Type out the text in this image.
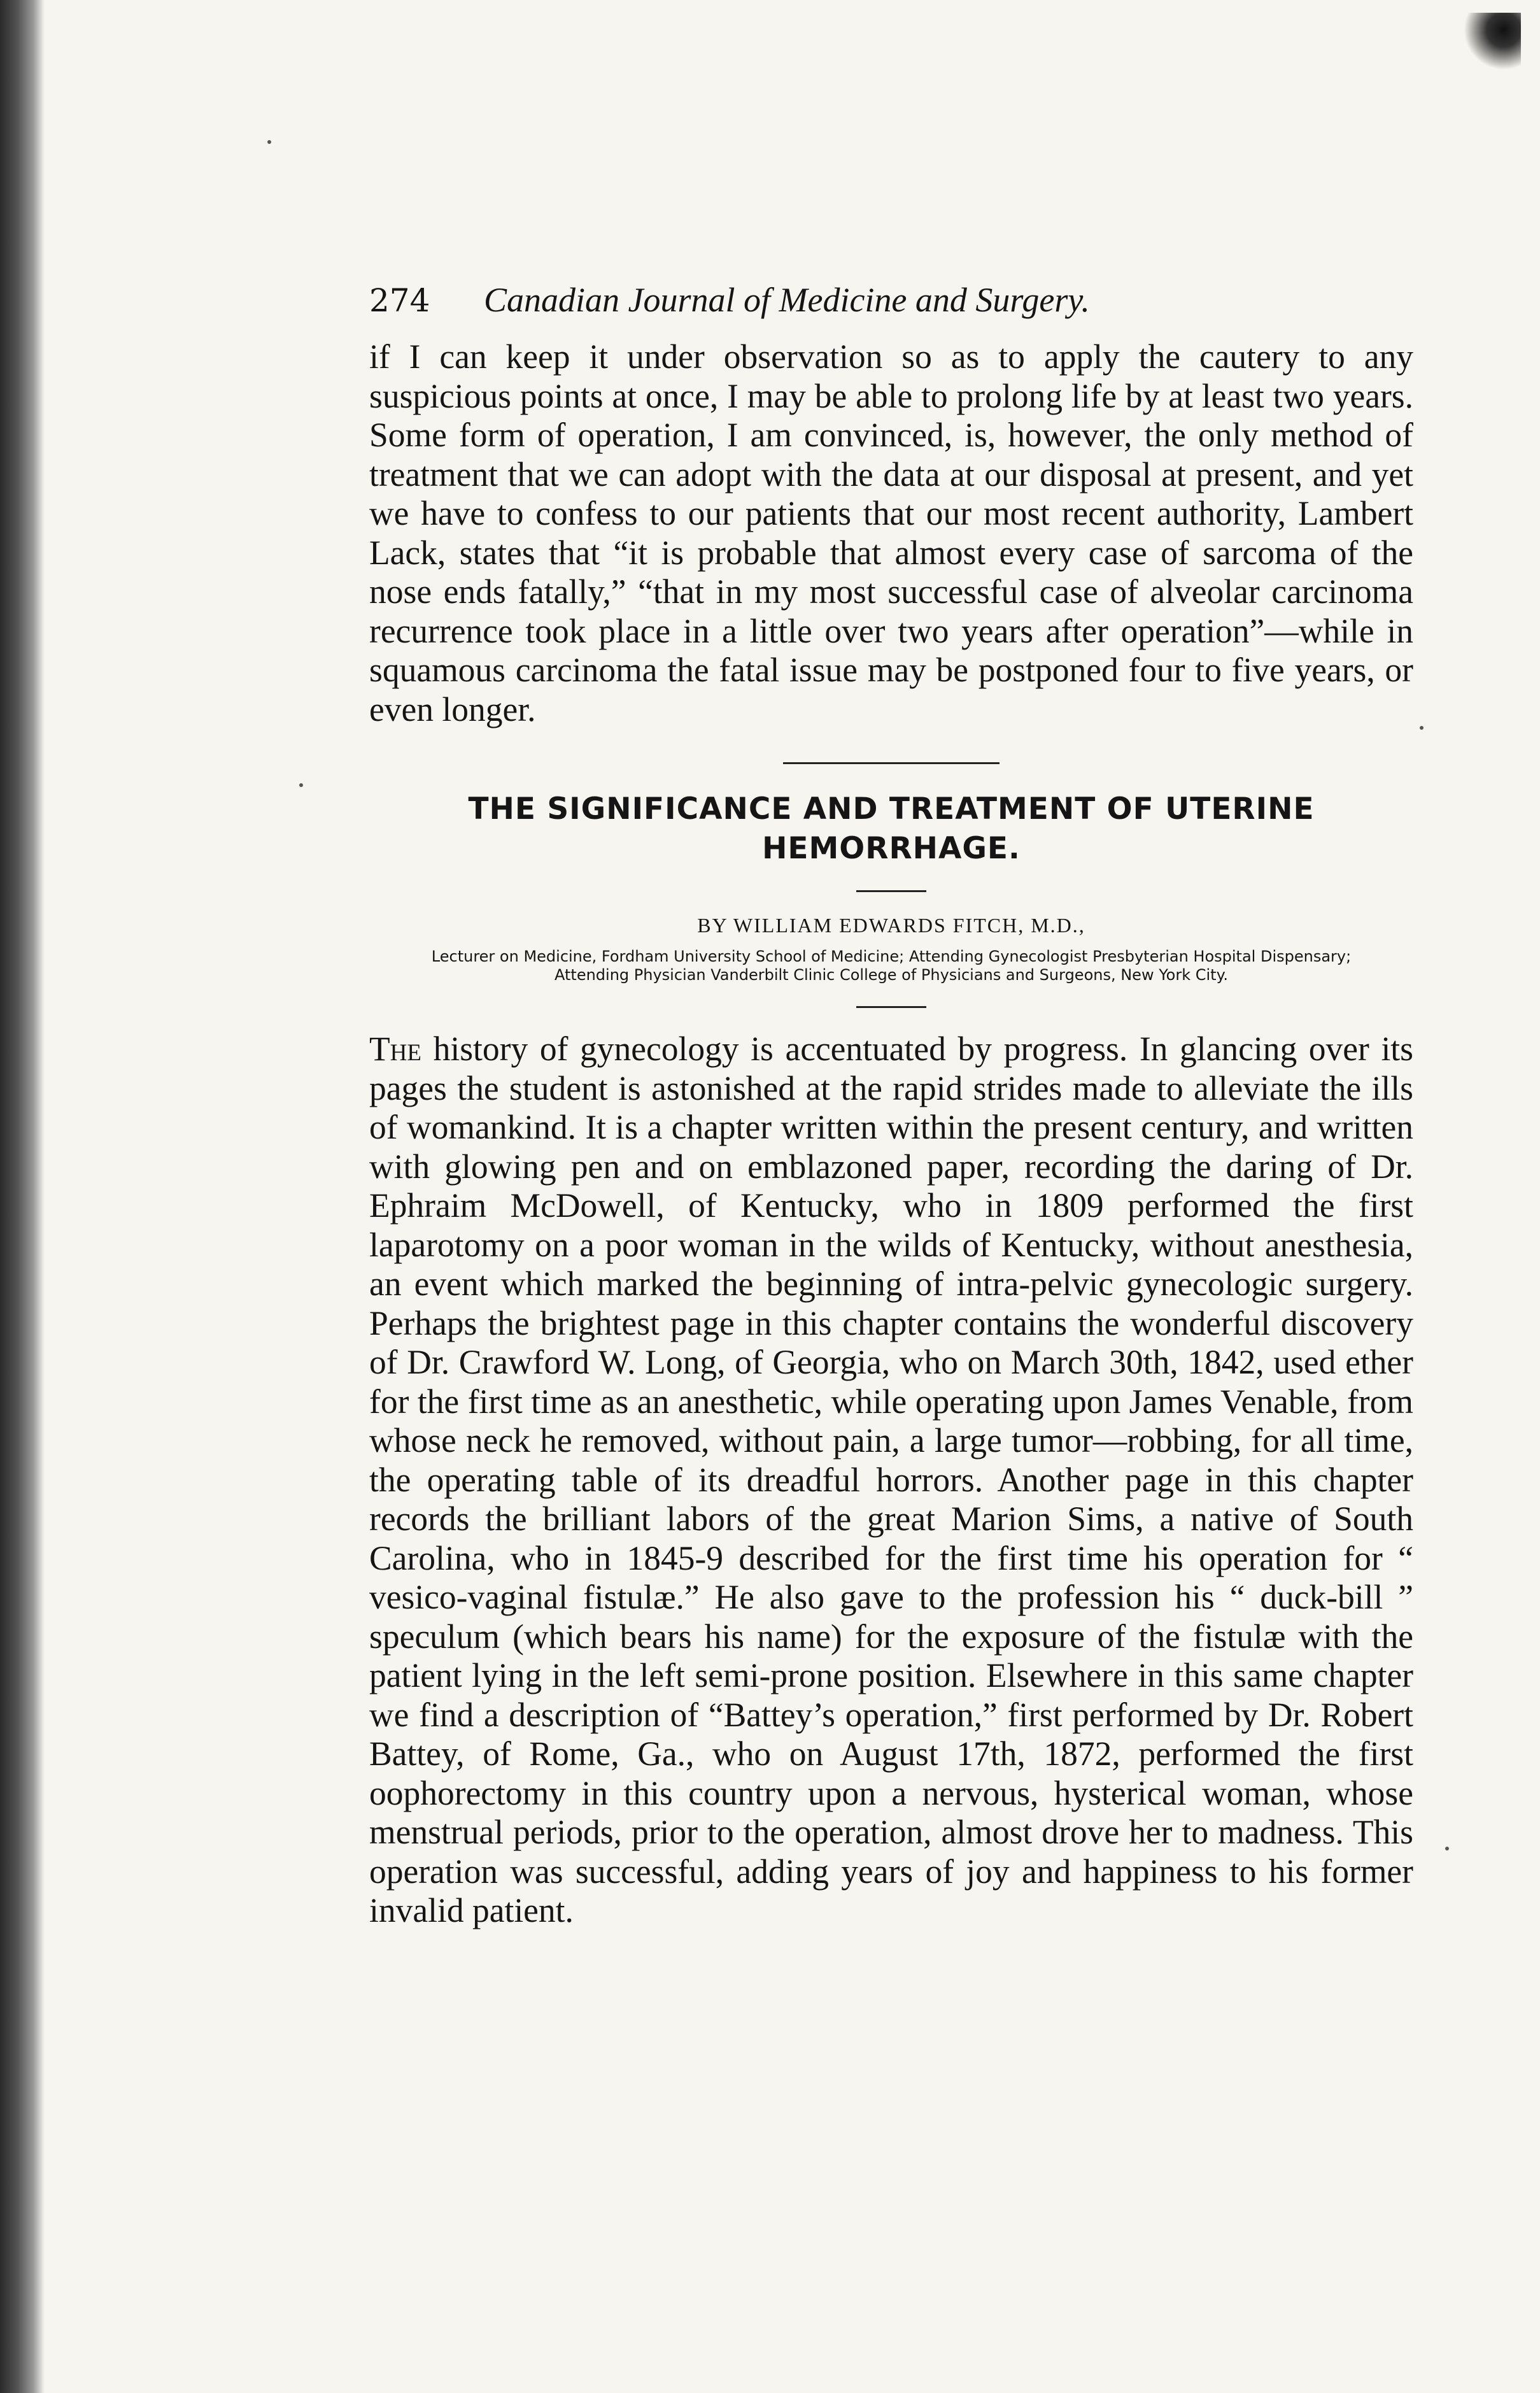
274	Canadian Journal of Medicine and Surgery.

if I can keep it under observation so as to apply the cautery to any suspicious points at once, I may be able to prolong life by at least two years. Some form of operation, I am convinced, is, however, the only method of treatment that we can adopt with the data at our disposal at present, and yet we have to confess to our patients that our most recent authority, Lambert Lack, states that “it is probable that almost every case of sarcoma of the nose ends fatally,” “that in my most successful case of alveolar carcinoma recurrence took place in a little over two years after operation”—while in squamous carcinoma the fatal issue may be postponed four to five years, or even longer.

THE SIGNIFICANCE AND TREATMENT OF UTERINE

HEMORRHAGE.

BY WILLIAM EDWARDS FITCH, M.D.,

Lecturer on Medicine, Fordham University School of Medicine; Attending Gynecologist Presbyterian Hospital Dispensary; Attending Physician Vanderbilt Clinic College of Physicians and Surgeons, New York City.

The history of gynecology is accentuated by progress. In glancing over its pages the student is astonished at the rapid strides made to alleviate the ills of womankind. It is a chapter written within the present century, and written with glowing pen and on emblazoned paper, recording the daring of Dr. Ephraim McDowell, of Kentucky, who in 1809 performed the first laparotomy on a poor woman in the wilds of Kentucky, without anesthesia, an event which marked the beginning of intra-pelvic gynecologic surgery. Perhaps the brightest page in this chapter contains the wonderful discovery of Dr. Crawford W. Long, of Georgia, who on March 30th, 1842, used ether for the first time as an anesthetic, while operating upon James Venable, from whose neck he removed, without pain, a large tumor—robbing, for all time, the operating table of its dreadful horrors. Another page in this chapter records the brilliant labors of the great Marion Sims, a native of South Carolina, who in 1845-9 described for the first time his operation for “ vesico-vaginal fistulæ.” He also gave to the profession his “ duck-bill ” speculum (which bears his name) for the exposure of the fistulæ with the patient lying in the left semi-prone position. Elsewhere in this same chapter we find a description of “Battey’s operation,” first performed by Dr. Robert Battey, of Rome, Ga., who on August 17th, 1872, performed the first oophorectomy in this country upon a nervous, hysterical woman, whose menstrual periods, prior to the operation, almost drove her to madness. This operation was successful, adding years of joy and happiness to his former invalid patient.
